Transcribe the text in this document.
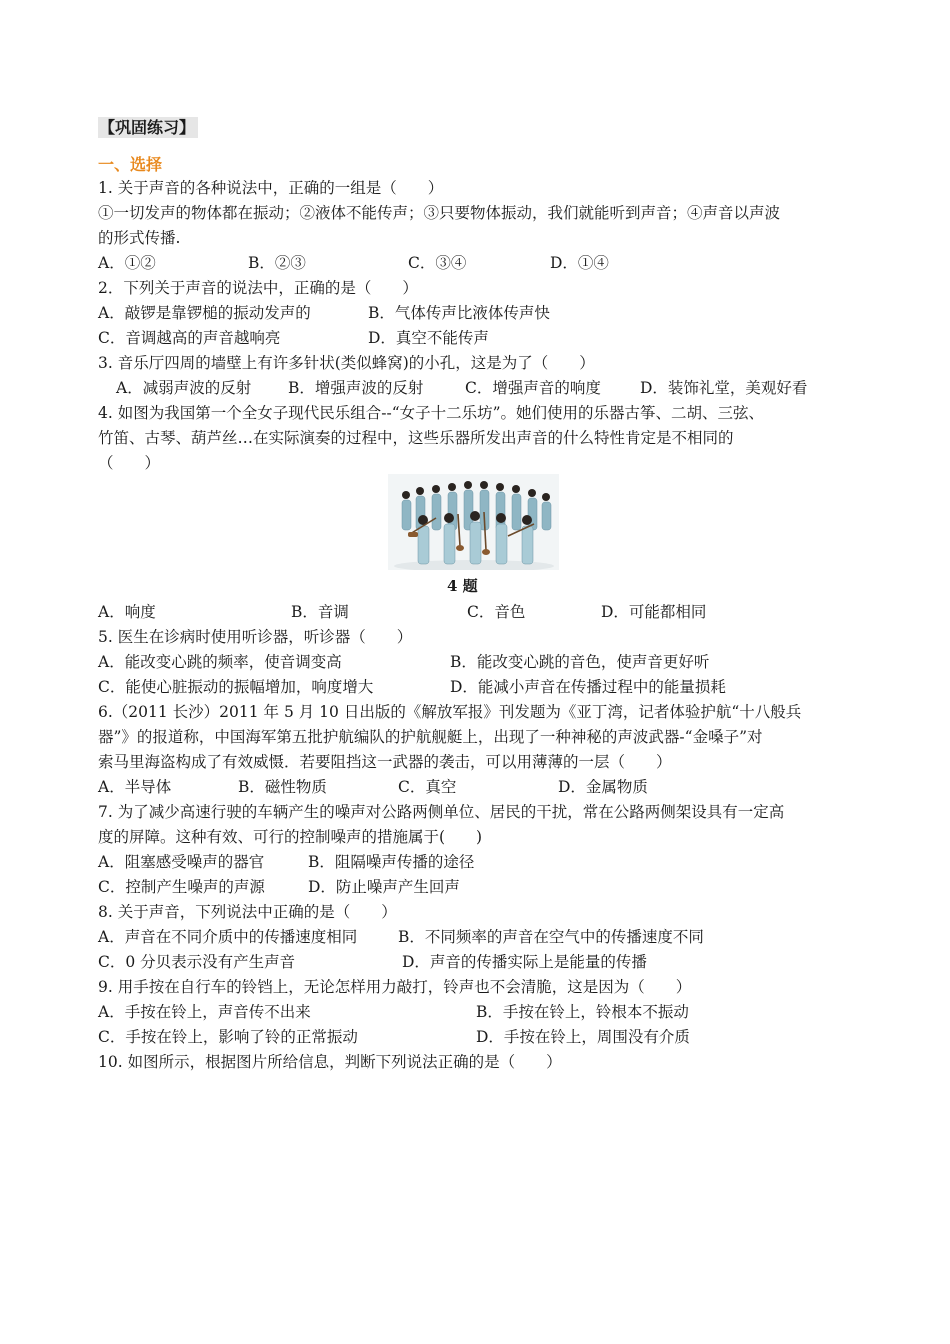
【巩固练习】
一、选择
1. 关于声音的各种说法中，正确的一组是（　　）
①一切发声的物体都在振动；②液体不能传声；③只要物体振动，我们就能听到声音；④声音以声波
的形式传播.
A．①②	B．②③	C．③④	D．①④
2．下列关于声音的说法中，正确的是（　　）
A．敲锣是靠锣槌的振动发声的	B．气体传声比液体传声快
C．音调越高的声音越响亮	D．真空不能传声
3. 音乐厅四周的墙壁上有许多针状(类似蜂窝)的小孔，这是为了（　　）
A．减弱声波的反射 B．增强声波的反射	C．增强声音的响度	D．装饰礼堂，美观好看
4. 如图为我国第一个全女子现代民乐组合--“女子十二乐坊”。她们使用的乐器古筝、二胡、三弦、
竹笛、古琴、葫芦丝…在实际演奏的过程中，这些乐器所发出声音的什么特性肯定是不相同的
（　　）
4 题
A．响度	B．音调	C．音色	D．可能都相同
5. 医生在诊病时使用听诊器，听诊器（　　）
A．能改变心跳的频率，使音调变高	B．能改变心跳的音色，使声音更好听
C．能使心脏振动的振幅增加，响度增大	D．能减小声音在传播过程中的能量损耗
6.（2011 长沙）2011 年 5 月 10 日出版的《解放军报》刊发题为《亚丁湾，记者体验护航“十八般兵
器”》的报道称，中国海军第五批护航编队的护航舰艇上，出现了一种神秘的声波武器-“金嗓子”对
索马里海盗构成了有效威慑．若要阻挡这一武器的袭击，可以用薄薄的一层（　　）
A．半导体	B．磁性物质	C．真空	D．金属物质
7. 为了减少高速行驶的车辆产生的噪声对公路两侧单位、居民的干扰，常在公路两侧架设具有一定高
度的屏障。这种有效、可行的控制噪声的措施属于(　　)
A．阻塞感受噪声的器官	B．阻隔噪声传播的途径
C．控制产生噪声的声源	D．防止噪声产生回声
8. 关于声音，下列说法中正确的是（　　）
A．声音在不同介质中的传播速度相同	B．不同频率的声音在空气中的传播速度不同
C．0 分贝表示没有产生声音	D．声音的传播实际上是能量的传播
9. 用手按在自行车的铃铛上，无论怎样用力敲打，铃声也不会清脆，这是因为（　　）
A．手按在铃上，声音传不出来	B．手按在铃上，铃根本不振动
C．手按在铃上，影响了铃的正常振动	D．手按在铃上，周围没有介质
10. 如图所示，根据图片所给信息，判断下列说法正确的是（　　）
